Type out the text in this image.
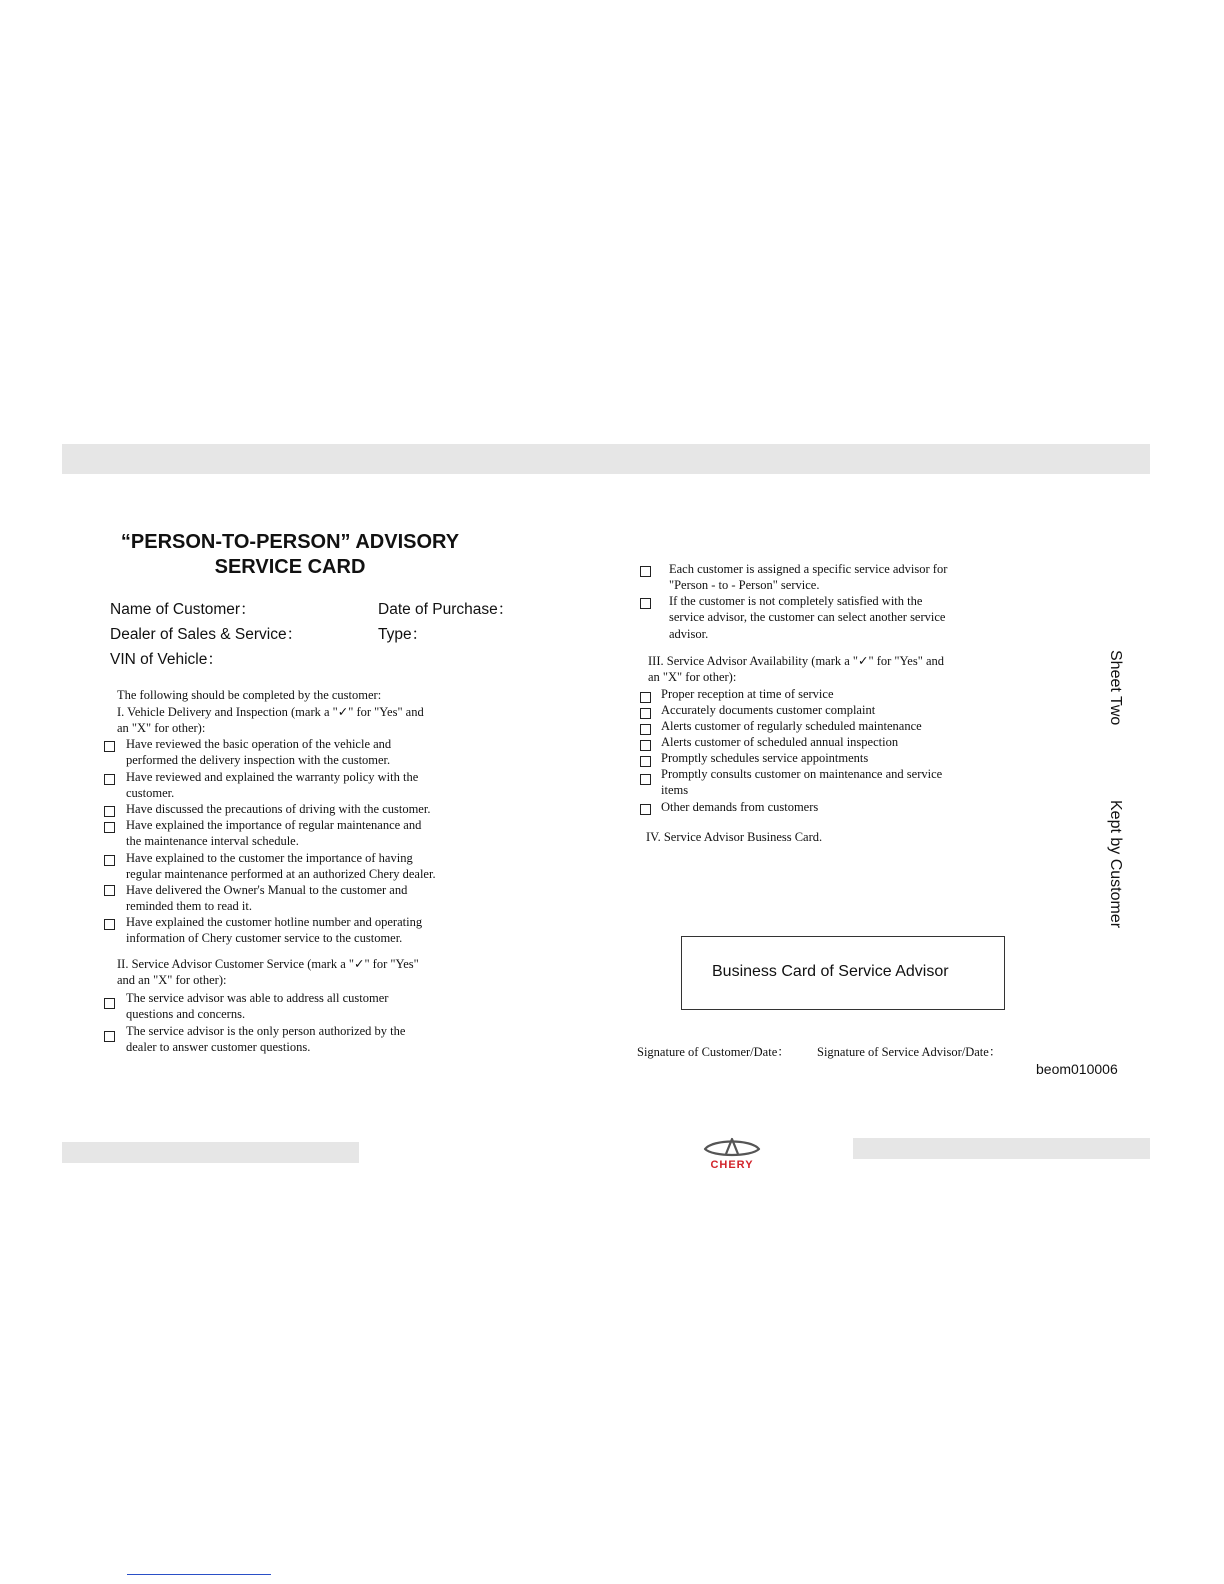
“PERSON-TO-PERSON” ADVISORY
SERVICE CARD
Name of Customer：	Date of Purchase：
Dealer of Sales & Service：	Type：
VIN of Vehicle：
The following should be completed by the customer:
I. Vehicle Delivery and Inspection (mark a "✓" for "Yes" and
an "X" for other):
Have reviewed the basic operation of the vehicle and
performed the delivery inspection with the customer.
Have reviewed and explained the warranty policy with the
customer.
Have discussed the precautions of driving with the customer.
Have explained the importance of regular maintenance and
the maintenance interval schedule.
Have explained to the customer the importance of having
regular maintenance performed at an authorized Chery dealer.
Have delivered the Owner's Manual to the customer and
reminded them to read it.
Have explained the customer hotline number and operating
information of Chery customer service to the customer.
II. Service Advisor Customer Service (mark a "✓" for "Yes"
and an "X" for other):
The service advisor was able to address all customer
questions and concerns.
The service advisor is the only person authorized by the
dealer to answer customer questions.
Each customer is assigned a specific service advisor for
"Person - to - Person" service.
If the customer is not completely satisfied with the
service advisor, the customer can select another service
advisor.
III. Service Advisor Availability (mark a "✓" for "Yes" and
an "X" for other):
Proper reception at time of service
Accurately documents customer complaint
Alerts customer of regularly scheduled maintenance
Alerts customer of scheduled annual inspection
Promptly schedules service appointments
Promptly consults customer on maintenance and service
items
Other demands from customers
IV. Service Advisor Business Card.
Business Card of Service Advisor
Signature of Customer/Date： Signature of Service Advisor/Date：
Sheet Two
Kept by Customer
beom010006
CHERY
